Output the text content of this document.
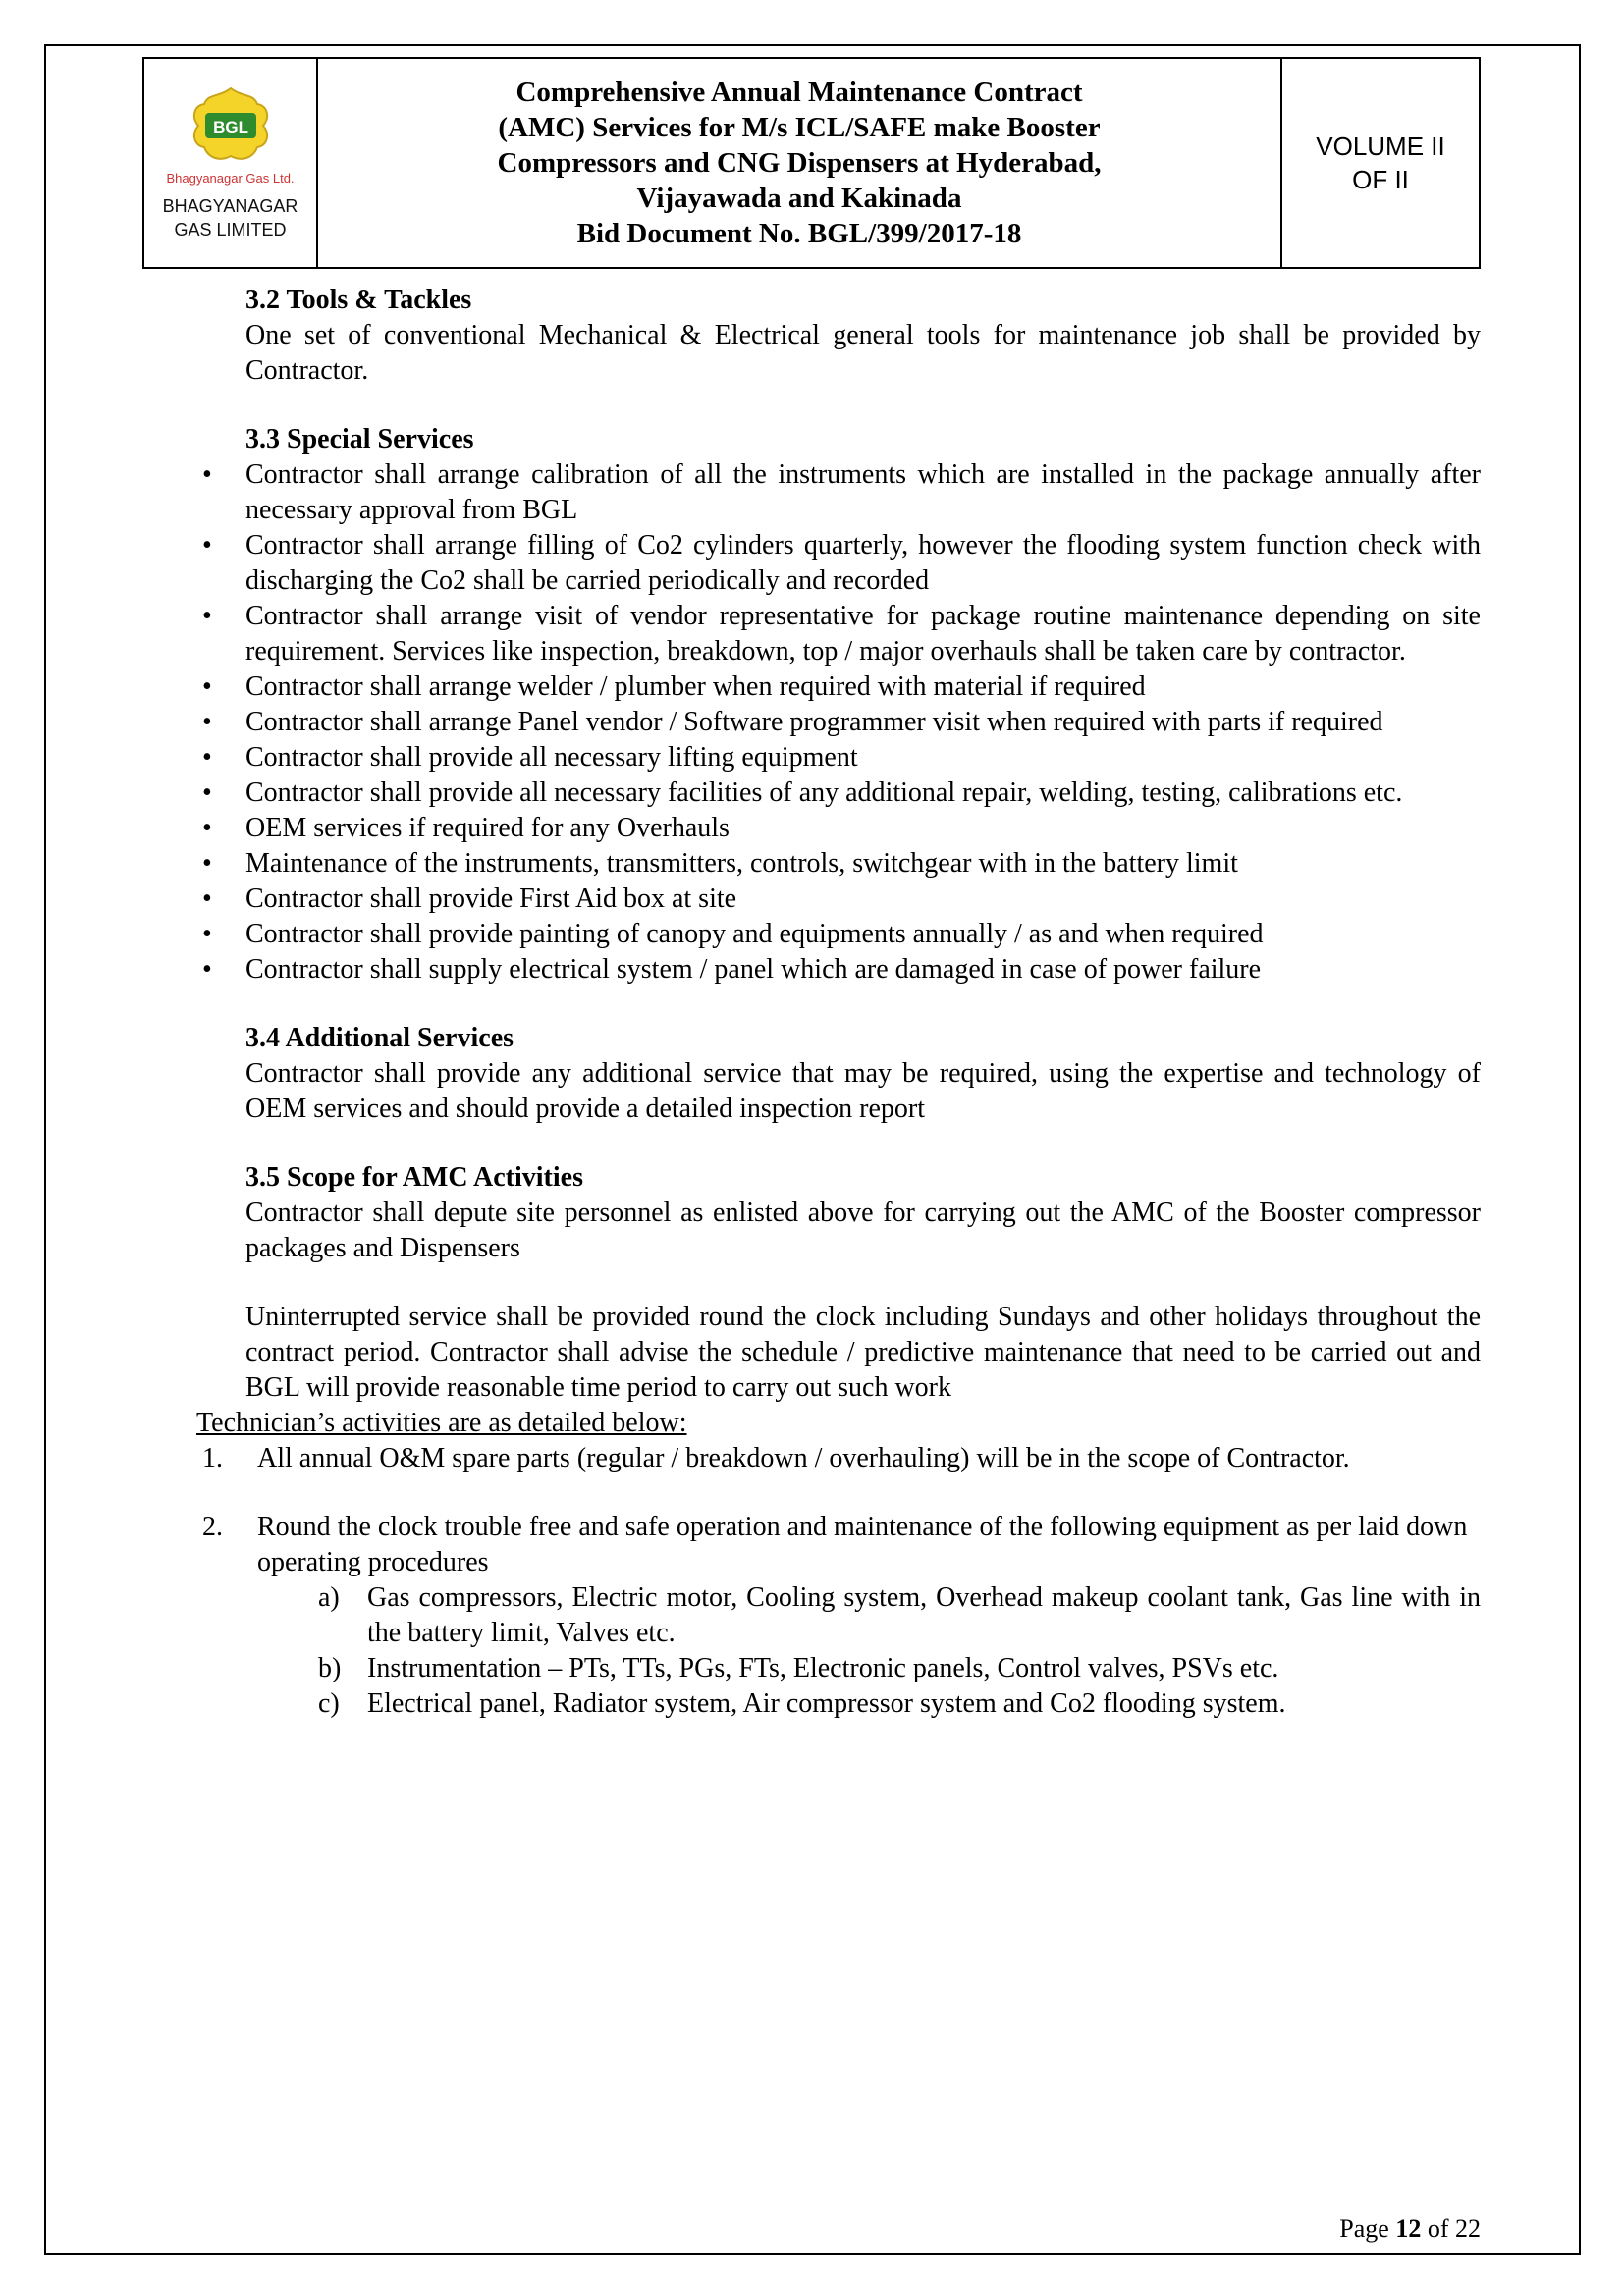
BGL
Bhagyanagar Gas Ltd.
BHAGYANAGAR GAS LIMITED
Comprehensive Annual Maintenance Contract
(AMC) Services for M/s ICL/SAFE make Booster
Compressors and CNG Dispensers at Hyderabad,
Vijayawada and Kakinada
Bid Document No. BGL/399/2017-18
VOLUME II
OF II
3.2 Tools & Tackles
One set of conventional Mechanical & Electrical general tools for maintenance job shall be provided by Contractor.
3.3 Special Services
• Contractor shall arrange calibration of all the instruments which are installed in the package annually after necessary approval from BGL
• Contractor shall arrange filling of Co2 cylinders quarterly, however the flooding system function check with discharging the Co2 shall be carried periodically and recorded
• Contractor shall arrange visit of vendor representative for package routine maintenance depending on site requirement. Services like inspection, breakdown, top / major overhauls shall be taken care by contractor.
• Contractor shall arrange welder / plumber when required with material if required
• Contractor shall arrange Panel vendor / Software programmer visit when required with parts if required
• Contractor shall provide all necessary lifting equipment
• Contractor shall provide all necessary facilities of any additional repair, welding, testing, calibrations etc.
• OEM services if required for any Overhauls
• Maintenance of the instruments, transmitters, controls, switchgear with in the battery limit
• Contractor shall provide First Aid box at site
• Contractor shall provide painting of canopy and equipments annually / as and when required
• Contractor shall supply electrical system / panel which are damaged in case of power failure
3.4 Additional Services
Contractor shall provide any additional service that may be required, using the expertise and technology of OEM services and should provide a detailed inspection report
3.5 Scope for AMC Activities
Contractor shall depute site personnel as enlisted above for carrying out the AMC of the Booster compressor packages and Dispensers
Uninterrupted service shall be provided round the clock including Sundays and other holidays throughout the contract period. Contractor shall advise the schedule / predictive maintenance that need to be carried out and BGL will provide reasonable time period to carry out such work
Technician’s activities are as detailed below:
1. All annual O&M spare parts (regular / breakdown / overhauling) will be in the scope of Contractor.
2. Round the clock trouble free and safe operation and maintenance of the following equipment as per laid down operating procedures
a) Gas compressors, Electric motor, Cooling system, Overhead makeup coolant tank, Gas line with in the battery limit, Valves etc.
b) Instrumentation – PTs, TTs, PGs, FTs, Electronic panels, Control valves, PSVs etc.
c) Electrical panel, Radiator system, Air compressor system and Co2 flooding system.
Page 12 of 22
